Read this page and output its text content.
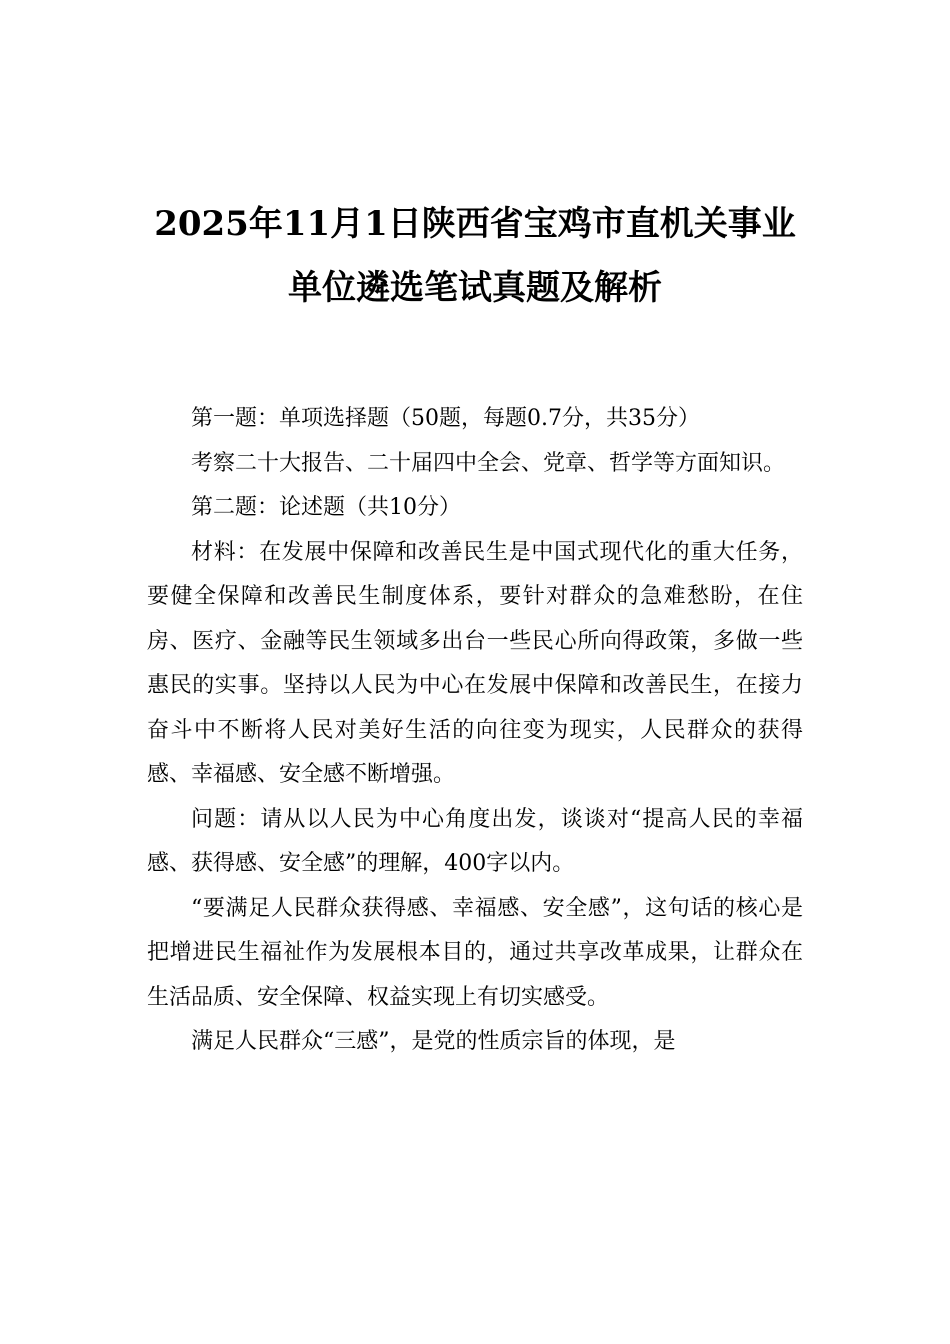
2025年11月1日陕西省宝鸡市直机关事业
单位遴选笔试真题及解析

第一题：单项选择题（50题，每题0.7分，共35分）

考察二十大报告、二十届四中全会、党章、哲学等方面知识。

第二题：论述题（共10分）

材料：在发展中保障和改善民生是中国式现代化的重大任务，要健全保障和改善民生制度体系，要针对群众的急难愁盼，在住房、医疗、金融等民生领域多出台一些民心所向得政策，多做一些惠民的实事。坚持以人民为中心在发展中保障和改善民生，在接力奋斗中不断将人民对美好生活的向往变为现实，人民群众的获得感、幸福感、安全感不断增强。

问题：请从以人民为中心角度出发，谈谈对“提高人民的幸福感、获得感、安全感”的理解，400字以内。

“要满足人民群众获得感、幸福感、安全感”，这句话的核心是把增进民生福祉作为发展根本目的，通过共享改革成果，让群众在生活品质、安全保障、权益实现上有切实感受。

满足人民群众“三感”，是党的性质宗旨的体现，是
